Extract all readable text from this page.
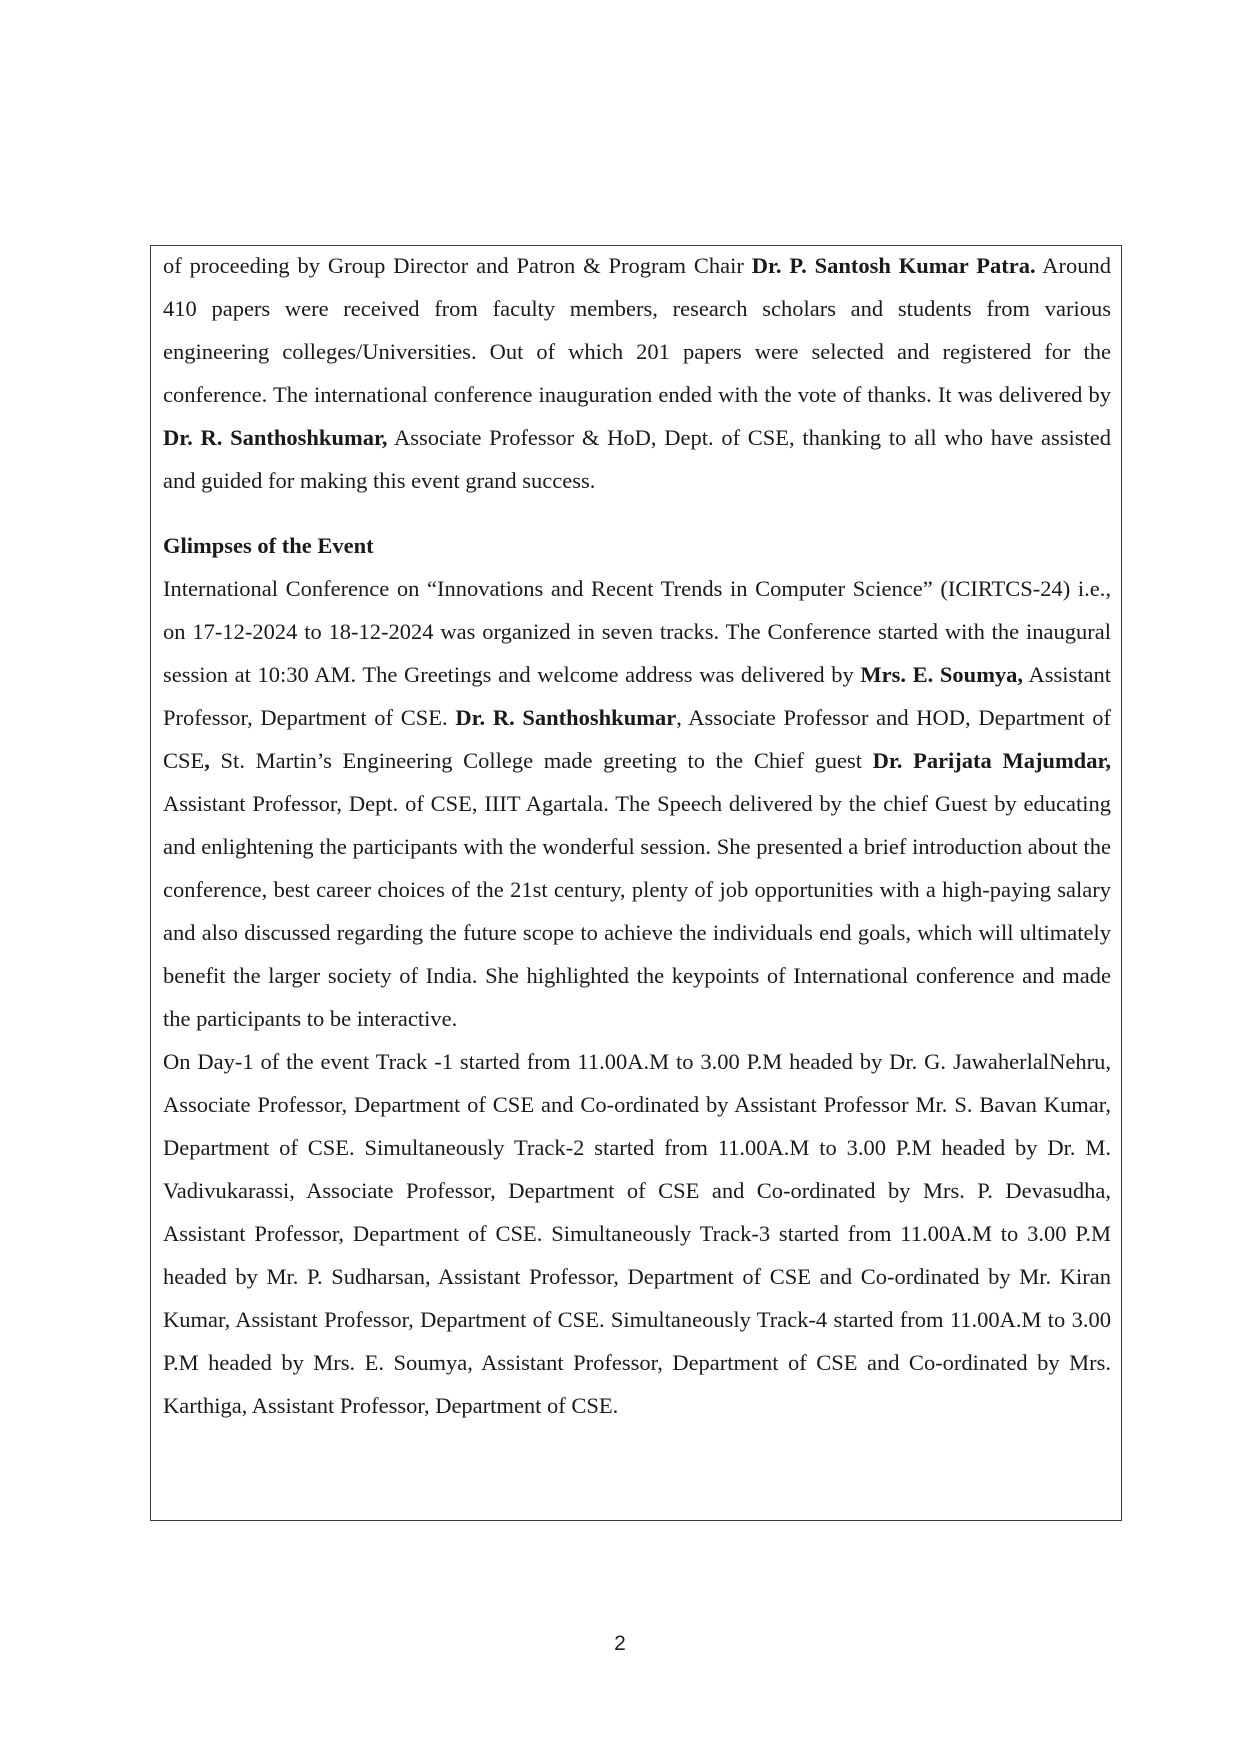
of proceeding by Group Director and Patron & Program Chair Dr. P. Santosh Kumar Patra. Around 410 papers were received from faculty members, research scholars and students from various engineering colleges/Universities. Out of which 201 papers were selected and registered for the conference. The international conference inauguration ended with the vote of thanks. It was delivered by Dr. R. Santhoshkumar, Associate Professor & HoD, Dept. of CSE, thanking to all who have assisted and guided for making this event grand success.

Glimpses of the Event

International Conference on “Innovations and Recent Trends in Computer Science” (ICIRTCS-24) i.e., on 17-12-2024 to 18-12-2024 was organized in seven tracks. The Conference started with the inaugural session at 10:30 AM. The Greetings and welcome address was delivered by Mrs. E. Soumya, Assistant Professor, Department of CSE. Dr. R. Santhoshkumar, Associate Professor and HOD, Department of CSE, St. Martin’s Engineering College made greeting to the Chief guest Dr. Parijata Majumdar, Assistant Professor, Dept. of CSE, IIIT Agartala. The Speech delivered by the chief Guest by educating and enlightening the participants with the wonderful session. She presented a brief introduction about the conference, best career choices of the 21st century, plenty of job opportunities with a high-paying salary and also discussed regarding the future scope to achieve the individuals end goals, which will ultimately benefit the larger society of India. She highlighted the keypoints of International conference and made the participants to be interactive.

On Day-1 of the event Track -1 started from 11.00A.M to 3.00 P.M headed by Dr. G. JawaherlalNehru, Associate Professor, Department of CSE and Co-ordinated by Assistant Professor Mr. S. Bavan Kumar, Department of CSE. Simultaneously Track-2 started from 11.00A.M to 3.00 P.M headed by Dr. M. Vadivukarassi, Associate Professor, Department of CSE and Co-ordinated by Mrs. P. Devasudha, Assistant Professor, Department of CSE. Simultaneously Track-3 started from 11.00A.M to 3.00 P.M headed by Mr. P. Sudharsan, Assistant Professor, Department of CSE and Co-ordinated by Mr. Kiran Kumar, Assistant Professor, Department of CSE. Simultaneously Track-4 started from 11.00A.M to 3.00 P.M headed by Mrs. E. Soumya, Assistant Professor, Department of CSE and Co-ordinated by Mrs. Karthiga, Assistant Professor, Department of CSE.

2
